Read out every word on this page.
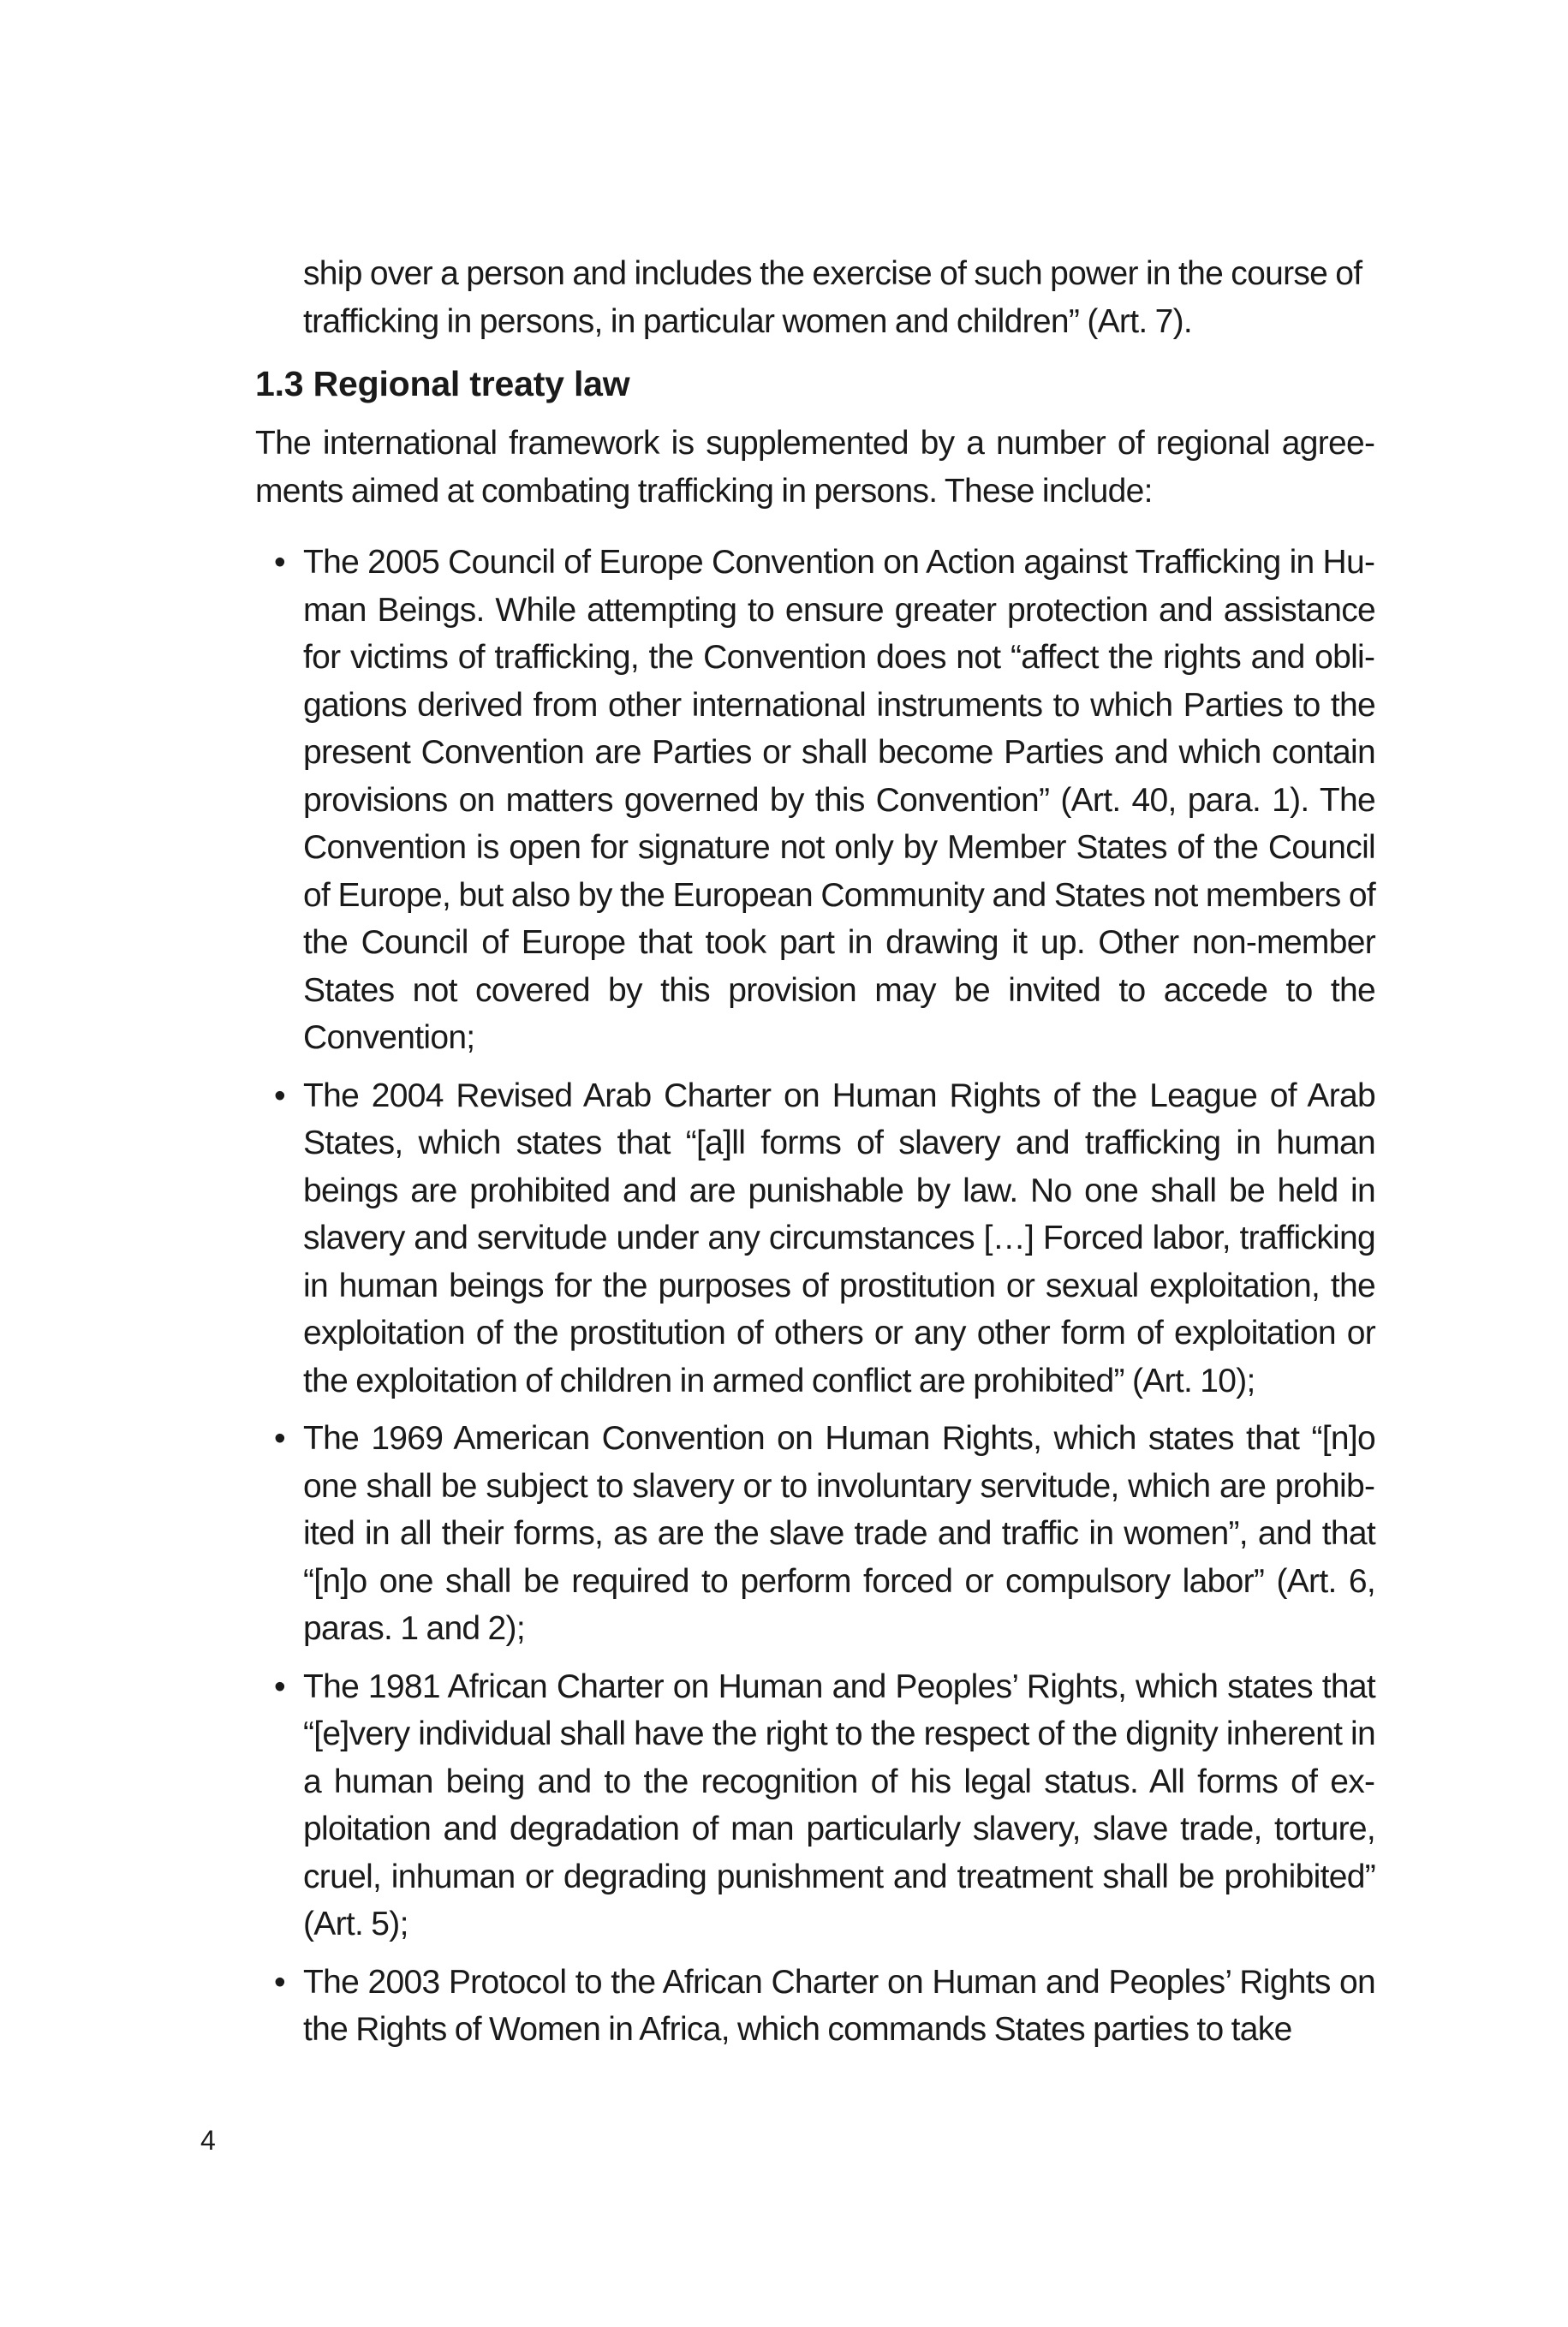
ship over a person and includes the exercise of such power in the course of trafficking in persons, in particular women and children” (Art. 7).

1.3 Regional treaty law

The international framework is supplemented by a number of regional agreements aimed at combating trafficking in persons. These include:

• The 2005 Council of Europe Convention on Action against Trafficking in Human Beings. While attempting to ensure greater protection and assistance for victims of trafficking, the Convention does not “affect the rights and obligations derived from other international instruments to which Parties to the present Convention are Parties or shall become Parties and which contain provisions on matters governed by this Convention” (Art. 40, para. 1). The Convention is open for signature not only by Member States of the Council of Europe, but also by the European Community and States not members of the Council of Europe that took part in drawing it up. Other non-member States not covered by this provision may be invited to accede to the Convention;
• The 2004 Revised Arab Charter on Human Rights of the League of Arab States, which states that “[a]ll forms of slavery and trafficking in human beings are prohibited and are punishable by law. No one shall be held in slavery and servitude under any circumstances […] Forced labor, trafficking in human beings for the purposes of prostitution or sexual exploitation, the exploitation of the prostitution of others or any other form of exploitation or the exploitation of children in armed conflict are prohibited” (Art. 10);
• The 1969 American Convention on Human Rights, which states that “[n]o one shall be subject to slavery or to involuntary servitude, which are prohibited in all their forms, as are the slave trade and traffic in women”, and that “[n]o one shall be required to perform forced or compulsory labor” (Art. 6, paras. 1 and 2);
• The 1981 African Charter on Human and Peoples’ Rights, which states that “[e]very individual shall have the right to the respect of the dignity inherent in a human being and to the recognition of his legal status. All forms of exploitation and degradation of man particularly slavery, slave trade, torture, cruel, inhuman or degrading punishment and treatment shall be prohibited” (Art. 5);
• The 2003 Protocol to the African Charter on Human and Peoples’ Rights on the Rights of Women in Africa, which commands States parties to take
4
